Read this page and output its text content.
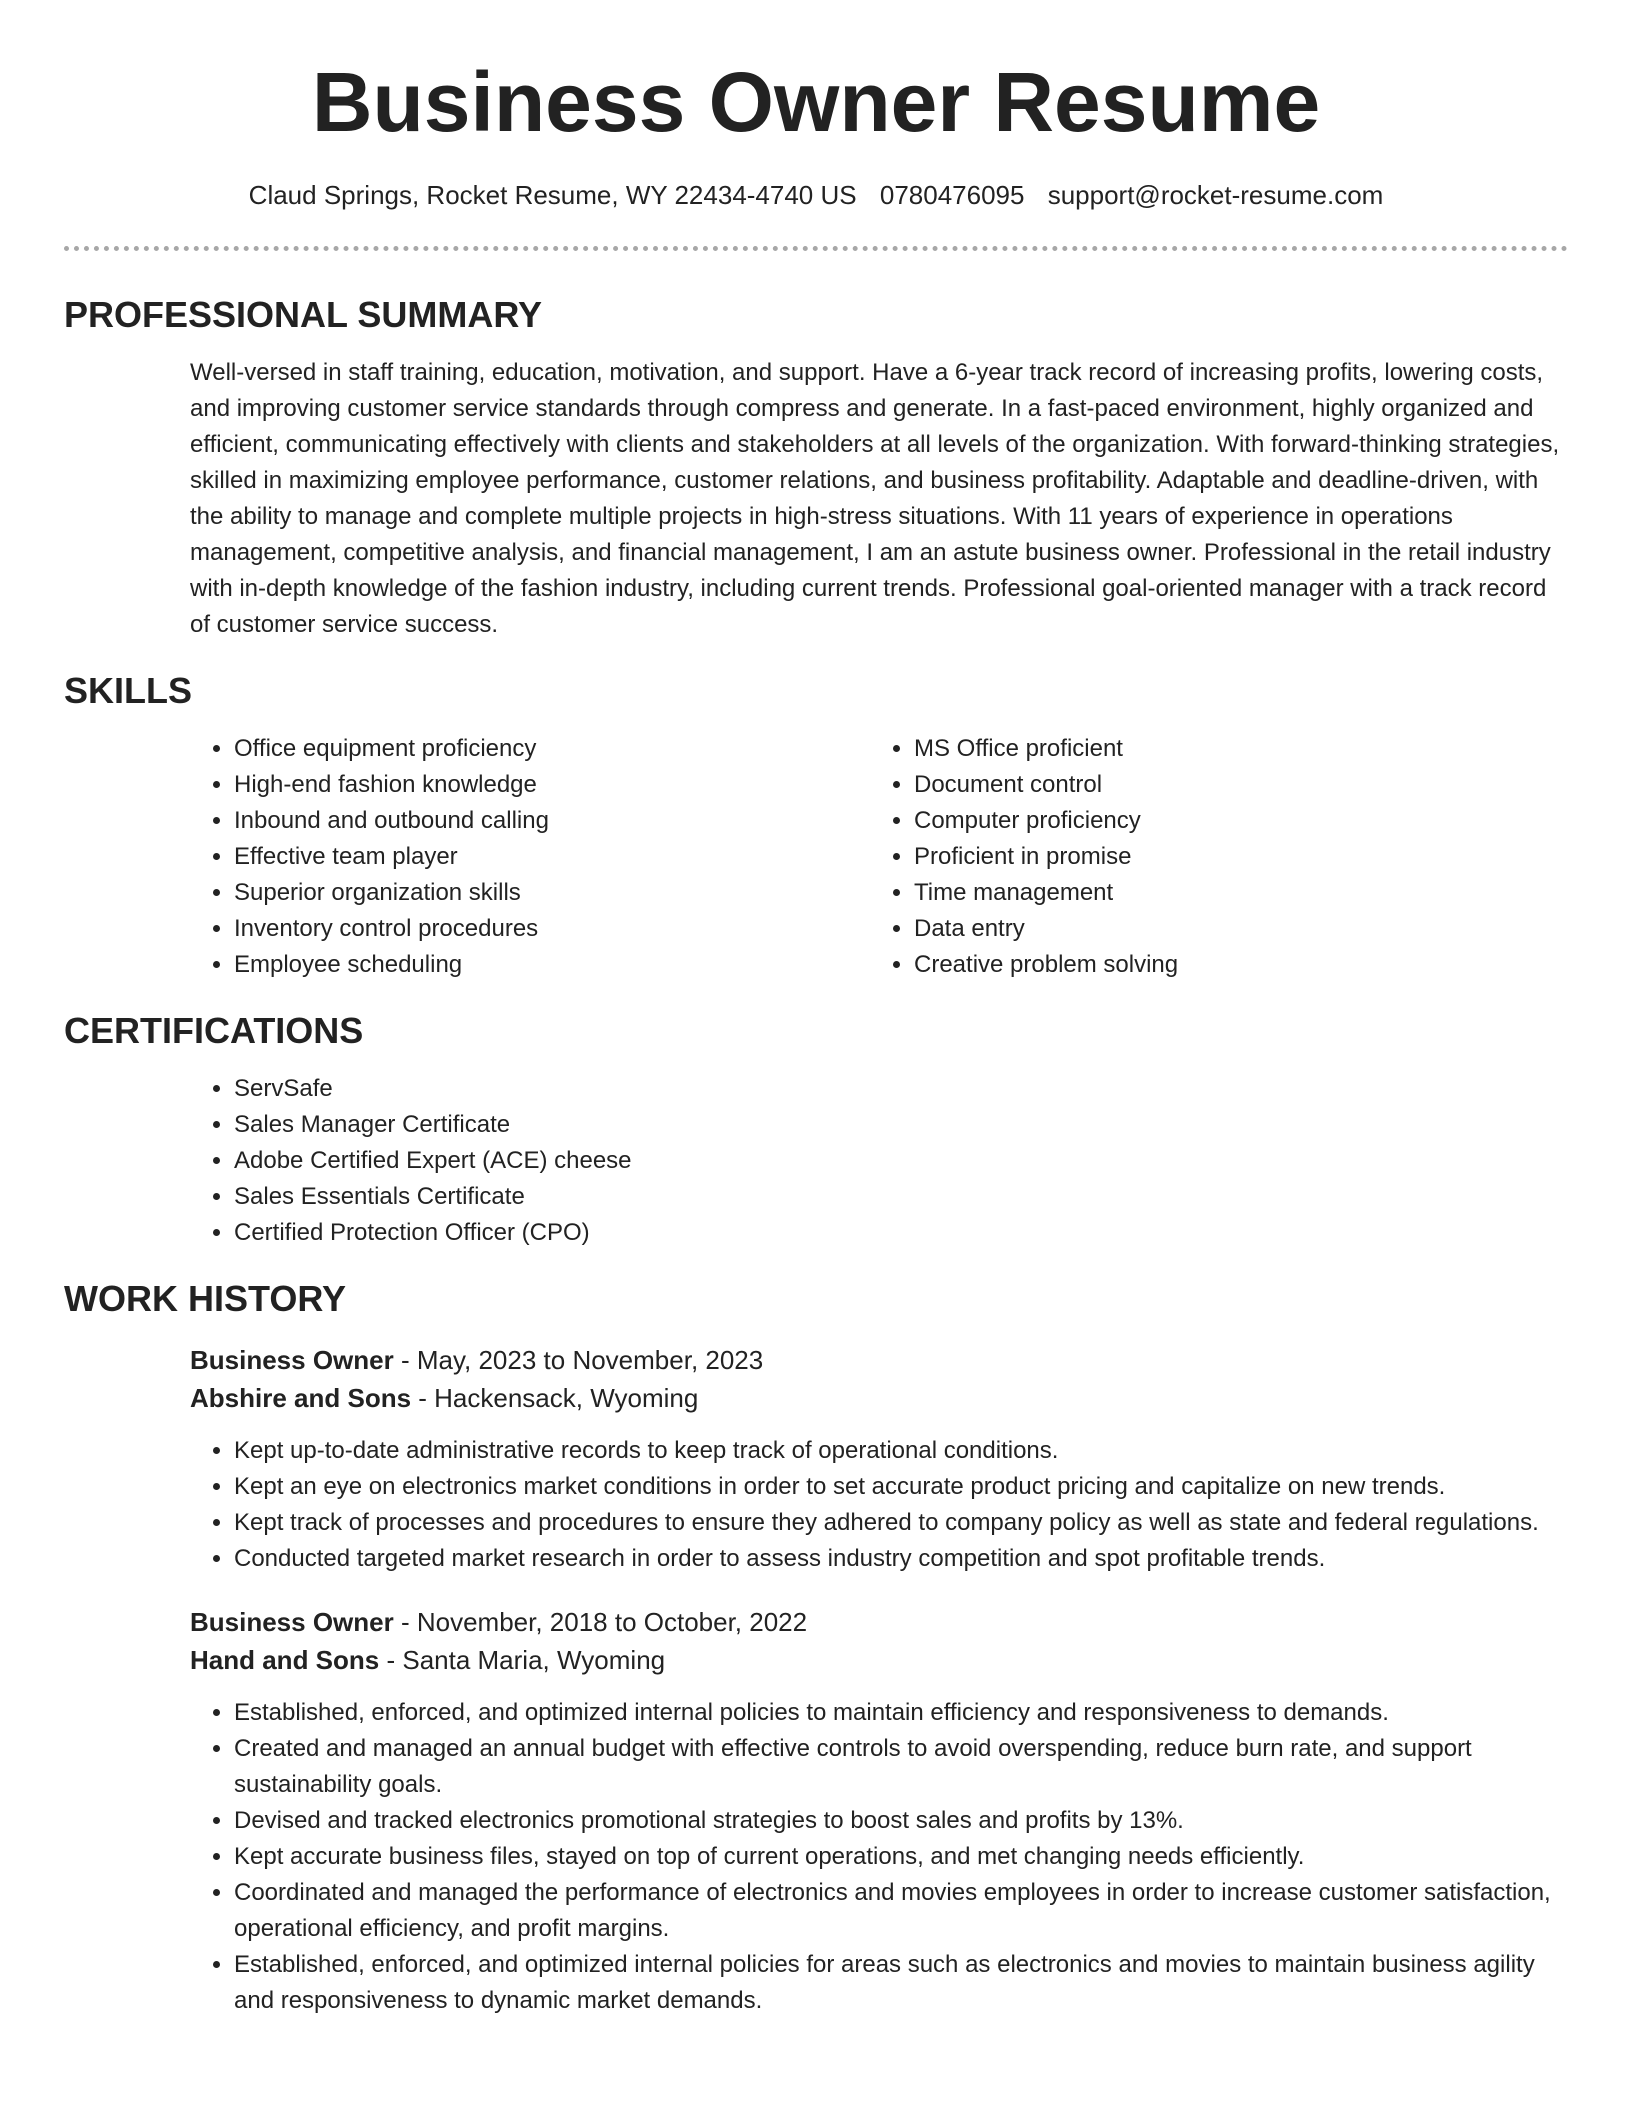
Business Owner Resume
Claud Springs, Rocket Resume, WY 22434-4740 US 0780476095 support@rocket-resume.com
PROFESSIONAL SUMMARY

Well-versed in staff training, education, motivation, and support. Have a 6-year track record of increasing profits, lowering costs, and improving customer service standards through compress and generate. In a fast-paced environment, highly organized and efficient, communicating effectively with clients and stakeholders at all levels of the organization. With forward-thinking strategies, skilled in maximizing employee performance, customer relations, and business profitability. Adaptable and deadline-driven, with the ability to manage and complete multiple projects in high-stress situations. With 11 years of experience in operations management, competitive analysis, and financial management, I am an astute business owner. Professional in the retail industry with in-depth knowledge of the fashion industry, including current trends. Professional goal-oriented manager with a track record of customer service success.

SKILLS
• Office equipment proficiency
• High-end fashion knowledge
• Inbound and outbound calling
• Effective team player
• Superior organization skills
• Inventory control procedures
• Employee scheduling
• MS Office proficient
• Document control
• Computer proficiency
• Proficient in promise
• Time management
• Data entry
• Creative problem solving
CERTIFICATIONS
• ServSafe
• Sales Manager Certificate
• Adobe Certified Expert (ACE) cheese
• Sales Essentials Certificate
• Certified Protection Officer (CPO)
WORK HISTORY
Business Owner - May, 2023 to November, 2023
Abshire and Sons - Hackensack, Wyoming
• Kept up-to-date administrative records to keep track of operational conditions.
• Kept an eye on electronics market conditions in order to set accurate product pricing and capitalize on new trends.
• Kept track of processes and procedures to ensure they adhered to company policy as well as state and federal regulations.
• Conducted targeted market research in order to assess industry competition and spot profitable trends.
Business Owner - November, 2018 to October, 2022
Hand and Sons - Santa Maria, Wyoming
• Established, enforced, and optimized internal policies to maintain efficiency and responsiveness to demands.
• Created and managed an annual budget with effective controls to avoid overspending, reduce burn rate, and support sustainability goals.
• Devised and tracked electronics promotional strategies to boost sales and profits by 13%.
• Kept accurate business files, stayed on top of current operations, and met changing needs efficiently.
• Coordinated and managed the performance of electronics and movies employees in order to increase customer satisfaction, operational efficiency, and profit margins.
• Established, enforced, and optimized internal policies for areas such as electronics and movies to maintain business agility and responsiveness to dynamic market demands.
